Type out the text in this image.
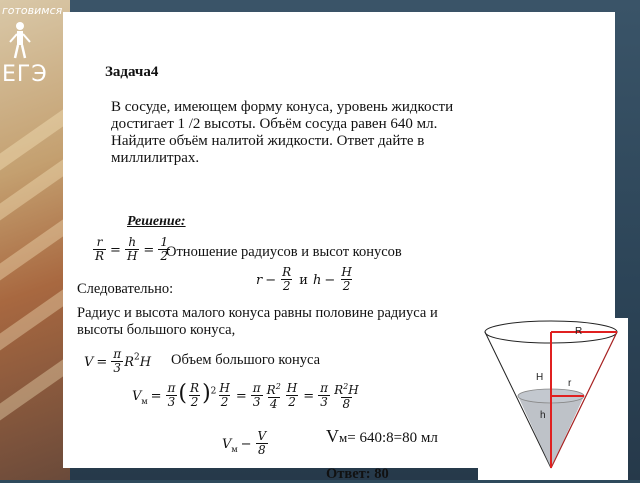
готовимся
ЕГЭ	Задача4
В сосуде, имеющем форму конуса, уровень жидкости достигает 1 /2 высоты. Объём сосуда равен 640 мл. Найдите объём налитой жидкости. Ответ дайте в миллилитрах.
Решение:
$\frac{r}{R} = \frac{h}{H} = \frac{1}{2}$
Отношение радиусов и высот конусов
$r - \frac{R}{2}$ и $h - \frac{H}{2}$
Следовательно:
Радиус и высота малого конуса равны половине радиуса и высоты большого конуса,
$V = \frac{\pi}{3} R^2H$ Объем большого конуса
$V_м = \frac{\pi}{3}$ ( $\frac{R}{2} )^2 \frac{H}{2} = \frac{\pi}{3} \frac{R^2}{4} \frac{H}{2} = \frac{\pi}{3} \frac{R^2H}{8}$
$V_м - \frac{V}{8}$	Vм= 640:8=80 мл
Ответ: 80
R
H
r
h
